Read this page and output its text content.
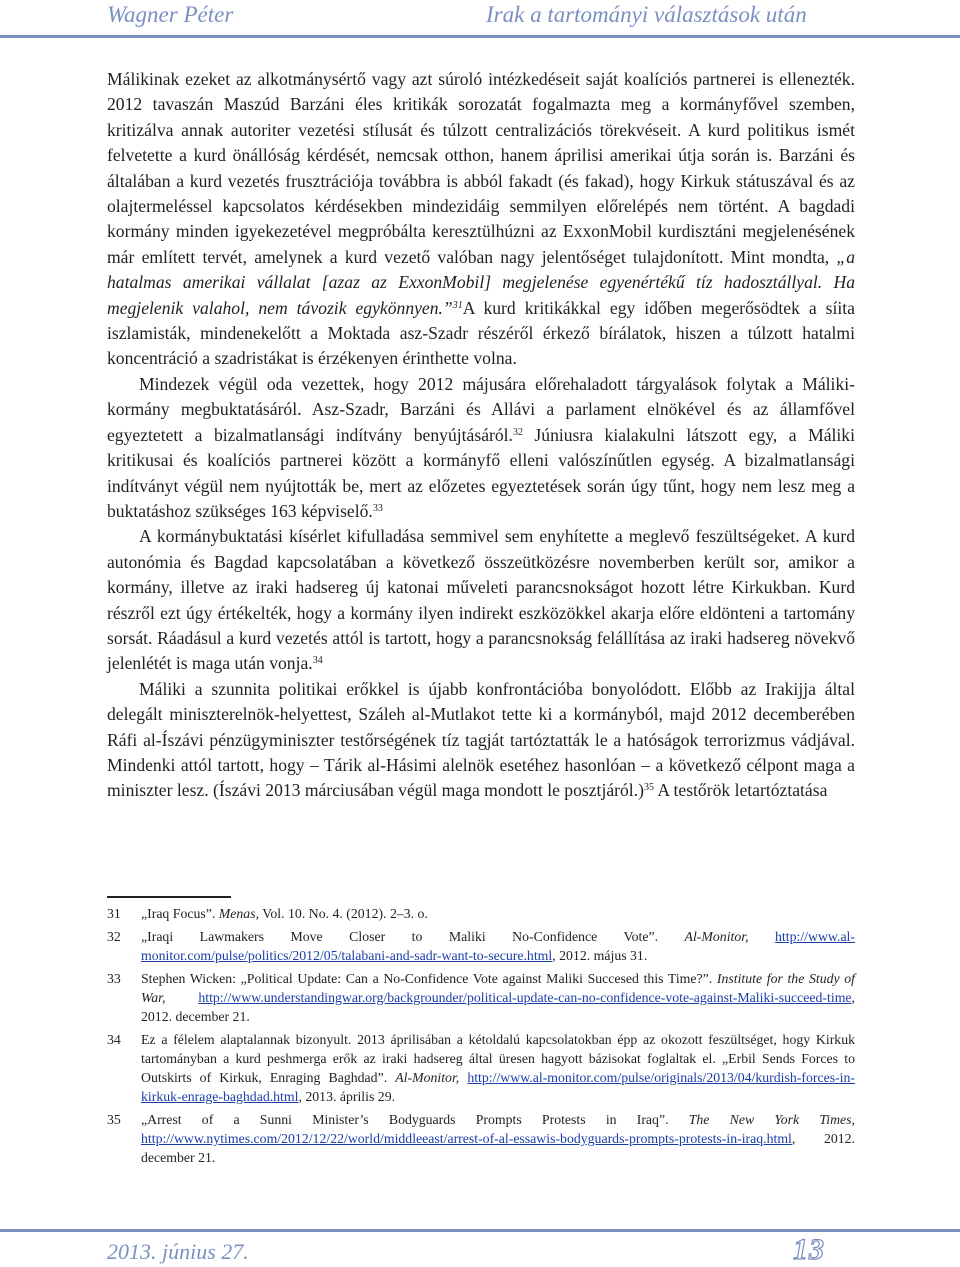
Wagner Péter	Irak a tartományi választások után

Málikinak ezeket az alkotmánysértő vagy azt súroló intézkedéseit saját koalíciós partnerei is ellenezték. 2012 tavaszán Maszúd Barzáni éles kritikák sorozatát fogalmazta meg a kormányfővel szemben, kritizálva annak autoriter vezetési stílusát és túlzott centralizációs törekvéseit. A kurd politikus ismét felvetette a kurd önállóság kérdését, nemcsak otthon, hanem áprilisi amerikai útja során is. Barzáni és általában a kurd vezetés frusztrációja továbbra is abból fakadt (és fakad), hogy Kirkuk státuszával és az olajtermeléssel kapcsolatos kérdésekben mindezidáig semmilyen előrelépés nem történt. A bagdadi kormány minden igyekezetével megpróbálta keresztülhúzni az ExxonMobil kurdisztáni megjelenésének már említett tervét, amelynek a kurd vezető valóban nagy jelentőséget tulajdonított. Mint mondta, „a hatalmas amerikai vállalat [azaz az ExxonMobil] megjelenése egyenértékű tíz hadosztállyal. Ha megjelenik valahol, nem távozik egykönnyen.”$^{31}$A kurd kritikákkal egy időben megerősödtek a síita iszlamisták, mindenekelőtt a Moktada asz-Szadr részéről érkező bírálatok, hiszen a túlzott hatalmi koncentráció a szadristákat is érzékenyen érinthette volna.

Mindezek végül oda vezettek, hogy 2012 májusára előrehaladott tárgyalások folytak a Máliki-kormány megbuktatásáról. Asz-Szadr, Barzáni és Allávi a parlament elnökével és az államfővel egyeztetett a bizalmatlansági indítvány benyújtásáról.$^{32}$ Júniusra kialakulni látszott egy, a Máliki kritikusai és koalíciós partnerei között a kormányfő elleni valószínűtlen egység. A bizalmatlansági indítványt végül nem nyújtották be, mert az előzetes egyeztetések során úgy tűnt, hogy nem lesz meg a buktatáshoz szükséges 163 képviselő.$^{33}$

A kormánybuktatási kísérlet kifulladása semmivel sem enyhítette a meglevő feszültségeket. A kurd autonómia és Bagdad kapcsolatában a következő összeütközésre novemberben került sor, amikor a kormány, illetve az iraki hadsereg új katonai műveleti parancsnokságot hozott létre Kirkukban. Kurd részről ezt úgy értékelték, hogy a kormány ilyen indirekt eszközökkel akarja előre eldönteni a tartomány sorsát. Ráadásul a kurd vezetés attól is tartott, hogy a parancsnokság felállítása az iraki hadsereg növekvő jelenlétét is maga után vonja.$^{34}$

Máliki a szunnita politikai erőkkel is újabb konfrontációba bonyolódott. Előbb az Irakijja által delegált miniszterelnök-helyettest, Száleh al-Mutlakot tette ki a kormányból, majd 2012 decemberében Ráfi al-Íszávi pénzügyminiszter testőrségének tíz tagját tartóztatták le a hatóságok terrorizmus vádjával. Mindenki attól tartott, hogy – Tárik al-Hásimi alelnök esetéhez hasonlóan – a következő célpont maga a miniszter lesz. (Íszávi 2013 márciusában végül maga mondott le posztjáról.)$^{35}$ A testőrök letartóztatása

31 „Iraq Focus”. Menas, Vol. 10. No. 4. (2012). 2–3. o.
32 „Iraqi Lawmakers Move Closer to Maliki No-Confidence Vote”. Al-Monitor, http://www.al-monitor.com/pulse/politics/2012/05/talabani-and-sadr-want-to-secure.html, 2012. május 31.
33 Stephen Wicken: „Political Update: Can a No-Confidence Vote against Maliki Succesed this Time?”. Institute for the Study of War, http://www.understandingwar.org/backgrounder/political-update-can-no-confidence-vote-against-Maliki-succeed-time, 2012. december 21.
34 Ez a félelem alaptalannak bizonyult. 2013 áprilisában a kétoldalú kapcsolatokban épp az okozott feszültséget, hogy Kirkuk tartományban a kurd peshmerga erők az iraki hadsereg által üresen hagyott bázisokat foglaltak el. „Erbil Sends Forces to Outskirts of Kirkuk, Enraging Baghdad”. Al-Monitor, http://www.al-monitor.com/pulse/originals/2013/04/kurdish-forces-in-kirkuk-enrage-baghdad.html, 2013. április 29.
35 „Arrest of a Sunni Minister’s Bodyguards Prompts Protests in Iraq”. The New York Times, http://www.nytimes.com/2012/12/22/world/middleeast/arrest-of-al-essawis-bodyguards-prompts-protests-in-iraq.html, 2012. december 21.
2013. június 27.	13
